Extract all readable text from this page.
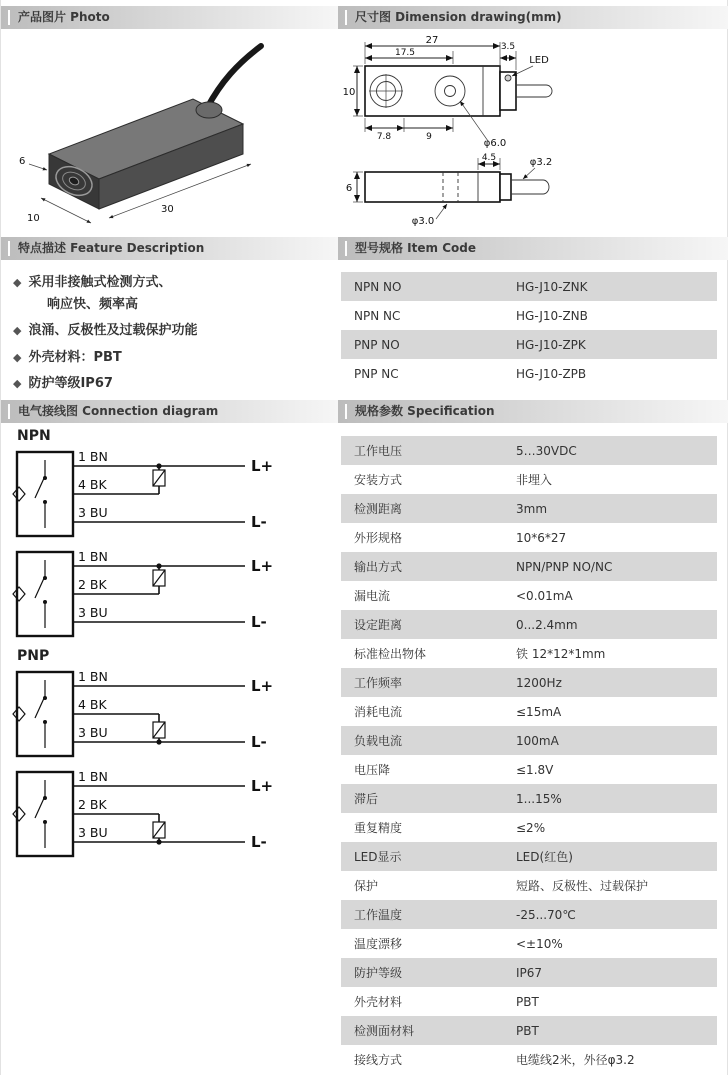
产品图片 Photo	尺寸图 Dimension drawing(mm)
6
10
30
27
17.5
3.5
LED
10
7.8	9
φ6.0
4.5	φ3.2
6
φ3.0
特点描述 Feature Description	型号规格 Item Code
◆ 采用非接触式检测方式、
响应快、频率高
◆ 浪涌、反极性及过载保护功能
◆ 外壳材料：PBT
◆ 防护等级IP67
NPN NO	HG-J10-ZNK
NPN NC	HG-J10-ZNB
PNP NO	HG-J10-ZPK
PNP NC	HG-J10-ZPB
电气接线图 Connection diagram	规格参数 Specification
NPN
1 BN
4 BK
3 BU
L+
L-
1 BN
2 BK
3 BU
L+
L-
PNP
1 BN
4 BK
3 BU
L+
L-
1 BN
2 BK
3 BU
L+
L-
工作电压	5…30VDC
安装方式	非埋入
检测距离	3mm
外形规格	10*6*27
输出方式	NPN/PNP NO/NC
漏电流	<0.01mA
设定距离	0...2.4mm
标准检出物体	铁 12*12*1mm
工作频率	1200Hz
消耗电流	≤15mA
负载电流	100mA
电压降	≤1.8V
滞后	1...15%
重复精度	≤2%
LED显示	LED(红色)
保护	短路、反极性、过载保护
工作温度	-25...70℃
温度漂移	<±10%
防护等级	IP67
外壳材料	PBT
检测面材料	PBT
接线方式	电缆线2米，外径φ3.2
